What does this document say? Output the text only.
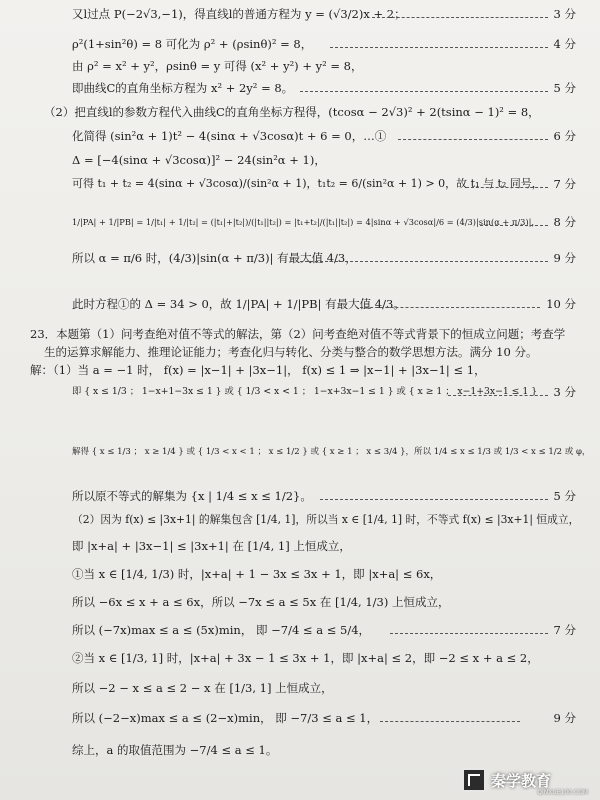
又l过点 P(−2√3,−1)，得直线l的普通方程为 y = (√3/2)x + 2；	3 分
ρ²(1+sin²θ) = 8 可化为 ρ² + (ρsinθ)² = 8，	4 分
由 ρ² = x² + y²，ρsinθ = y 可得 (x² + y²) + y² = 8，
即曲线C的直角坐标方程为 x² + 2y² = 8。	5 分
（2）把直线l的参数方程代入曲线C的直角坐标方程得，(tcosα − 2√3)² + 2(tsinα − 1)² = 8，
化简得 (sin²α + 1)t² − 4(sinα + √3cosα)t + 6 = 0，…①	6 分
Δ = [−4(sinα + √3cosα)]² − 24(sin²α + 1)，
可得 t₁ + t₂ = 4(sinα + √3cosα)/(sin²α + 1)，t₁t₂ = 6/(sin²α + 1) > 0，故 t₁ 与 t₂ 同号， 7 分
1/|PA| + 1/|PB| = 1/|t₁| + 1/|t₂| = (|t₁|+|t₂|)/(|t₁||t₂|) = |t₁+t₂|/(|t₁||t₂|) = 4|sinα + √3cosα|/6 = (4/3)|sin(α + π/3)|， 8 分
所以 α = π/6 时，(4/3)|sin(α + π/3)| 有最大值 4/3，	9 分
此时方程①的 Δ = 34 > 0，故 1/|PA| + 1/|PB| 有最大值 4/3。	10 分
23．本题第（1）问考查绝对值不等式的解法，第（2）问考查绝对值不等式背景下的恒成立问题；考查学
生的运算求解能力、推理论证能力；考查化归与转化、分类与整合的数学思想方法。满分 10 分。
解：（1）当 a = −1 时， f(x) = |x−1| + |3x−1|， f(x) ≤ 1 ⇒ |x−1| + |3x−1| ≤ 1，
即 { x ≤ 1/3 ； 1−x+1−3x ≤ 1 } 或 { 1/3 < x < 1 ； 1−x+3x−1 ≤ 1 } 或 { x ≥ 1 ； x−1+3x−1 ≤ 1 } 3 分
解得 { x ≤ 1/3 ； x ≥ 1/4 } 或 { 1/3 < x < 1 ； x ≤ 1/2 } 或 { x ≥ 1 ； x ≤ 3/4 }，所以 1/4 ≤ x ≤ 1/3 或 1/3 < x ≤ 1/2 或 φ，
所以原不等式的解集为 {x | 1/4 ≤ x ≤ 1/2}。	5 分
（2）因为 f(x) ≤ |3x+1| 的解集包含 [1/4, 1]，所以当 x ∈ [1/4, 1] 时，不等式 f(x) ≤ |3x+1| 恒成立，
即 |x+a| + |3x−1| ≤ |3x+1| 在 [1/4, 1] 上恒成立，
①当 x ∈ [1/4, 1/3) 时，|x+a| + 1 − 3x ≤ 3x + 1，即 |x+a| ≤ 6x，
所以 −6x ≤ x + a ≤ 6x，所以 −7x ≤ a ≤ 5x 在 [1/4, 1/3) 上恒成立，
所以 (−7x)max ≤ a ≤ (5x)min， 即 −7/4 ≤ a ≤ 5/4，	7 分
②当 x ∈ [1/3, 1] 时，|x+a| + 3x − 1 ≤ 3x + 1，即 |x+a| ≤ 2，即 −2 ≤ x + a ≤ 2，
所以 −2 − x ≤ a ≤ 2 − x 在 [1/3, 1] 上恒成立，
所以 (−2−x)max ≤ a ≤ (2−x)min， 即 −7/3 ≤ a ≤ 1，	9 分
综上，a 的取值范围为 −7/4 ≤ a ≤ 1。
秦学教育
QINXUE100.COM
